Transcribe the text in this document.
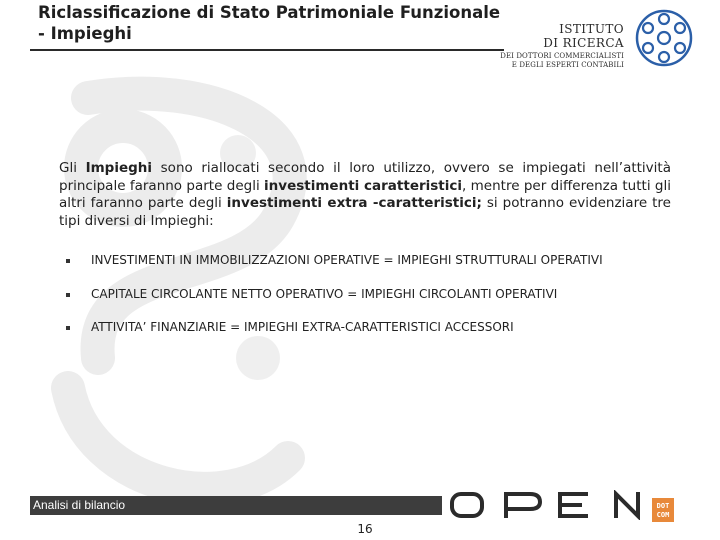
Riclassificazione di Stato Patrimoniale Funzionale
- Impieghi	ISTITUTO
DI RICERCA
DEI DOTTORI COMMERCIALISTI
E DEGLI ESPERTI CONTABILI
Gli Impieghi sono riallocati secondo il loro utilizzo, ovvero se impiegati nell’attività principale faranno parte degli investimenti caratteristici, mentre per differenza tutti gli altri faranno parte degli investimenti extra -caratteristici; si potranno evidenziare tre tipi diversi di Impieghi:
INVESTIMENTI IN IMMOBILIZZAZIONI OPERATIVE = IMPIEGHI STRUTTURALI OPERATIVI
CAPITALE CIRCOLANTE NETTO OPERATIVO = IMPIEGHI CIRCOLANTI OPERATIVI
ATTIVITA’ FINANZIARIE = IMPIEGHI EXTRA-CARATTERISTICI ACCESSORI
Analisi di bilancio	DOT
COM
16
